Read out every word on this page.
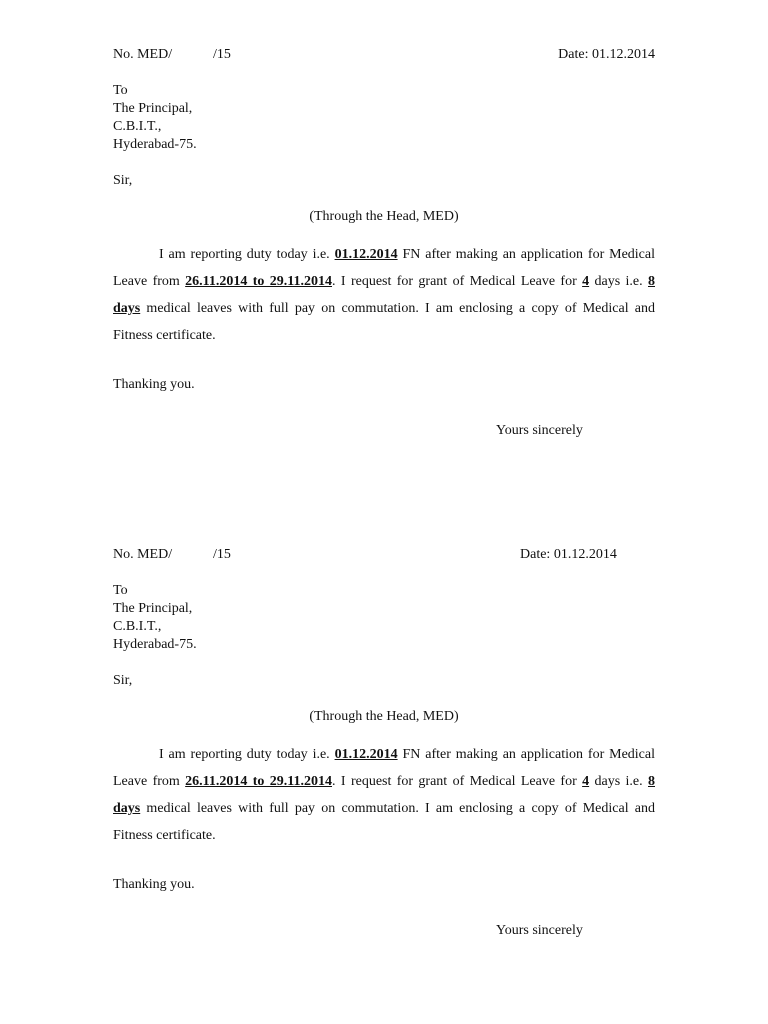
No. MED/	/15	Date: 01.12.2014
To
The Principal,
C.B.I.T.,
Hyderabad-75.
Sir,
(Through the Head, MED)
I am reporting duty today i.e. 01.12.2014 FN after making an application for Medical Leave from 26.11.2014 to 29.11.2014. I request for grant of Medical Leave for 4 days i.e. 8 days medical leaves with full pay on commutation. I am enclosing a copy of Medical and Fitness certificate.
Thanking you.
Yours sincerely
No. MED/	/15	Date: 01.12.2014
To
The Principal,
C.B.I.T.,
Hyderabad-75.
Sir,
(Through the Head, MED)
I am reporting duty today i.e. 01.12.2014 FN after making an application for Medical Leave from 26.11.2014 to 29.11.2014. I request for grant of Medical Leave for 4 days i.e. 8 days medical leaves with full pay on commutation. I am enclosing a copy of Medical and Fitness certificate.
Thanking you.
Yours sincerely
